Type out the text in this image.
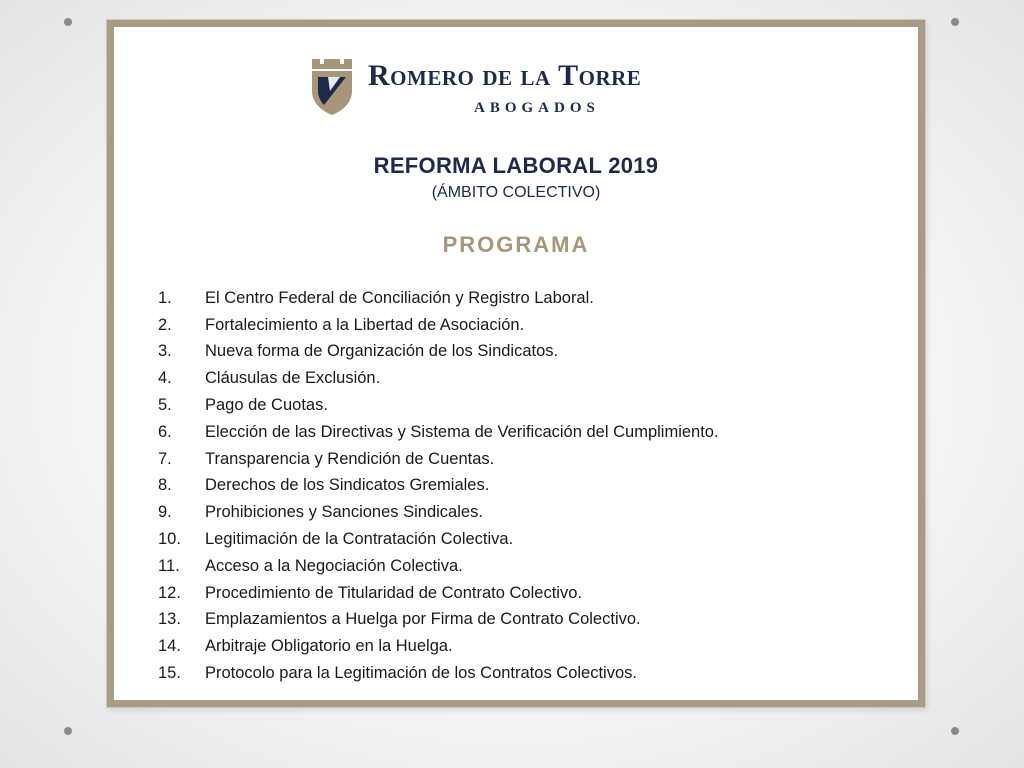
Romero de la Torre
ABOGADOS
REFORMA LABORAL 2019
(ÁMBITO COLECTIVO)
PROGRAMA
1.	El Centro Federal de Conciliación y Registro Laboral.
2.	Fortalecimiento a la Libertad de Asociación.
3.	Nueva forma de Organización de los Sindicatos.
4.	Cláusulas de Exclusión.
5.	Pago de Cuotas.
6.	Elección de las Directivas y Sistema de Verificación del Cumplimiento.
7.	Transparencia y Rendición de Cuentas.
8.	Derechos de los Sindicatos Gremiales.
9.	Prohibiciones y Sanciones Sindicales.
10.	Legitimación de la Contratación Colectiva.
11.	Acceso a la Negociación Colectiva.
12.	Procedimiento de Titularidad de Contrato Colectivo.
13.	Emplazamientos a Huelga por Firma de Contrato Colectivo.
14.	Arbitraje Obligatorio en la Huelga.
15.	Protocolo para la Legitimación de los Contratos Colectivos.
